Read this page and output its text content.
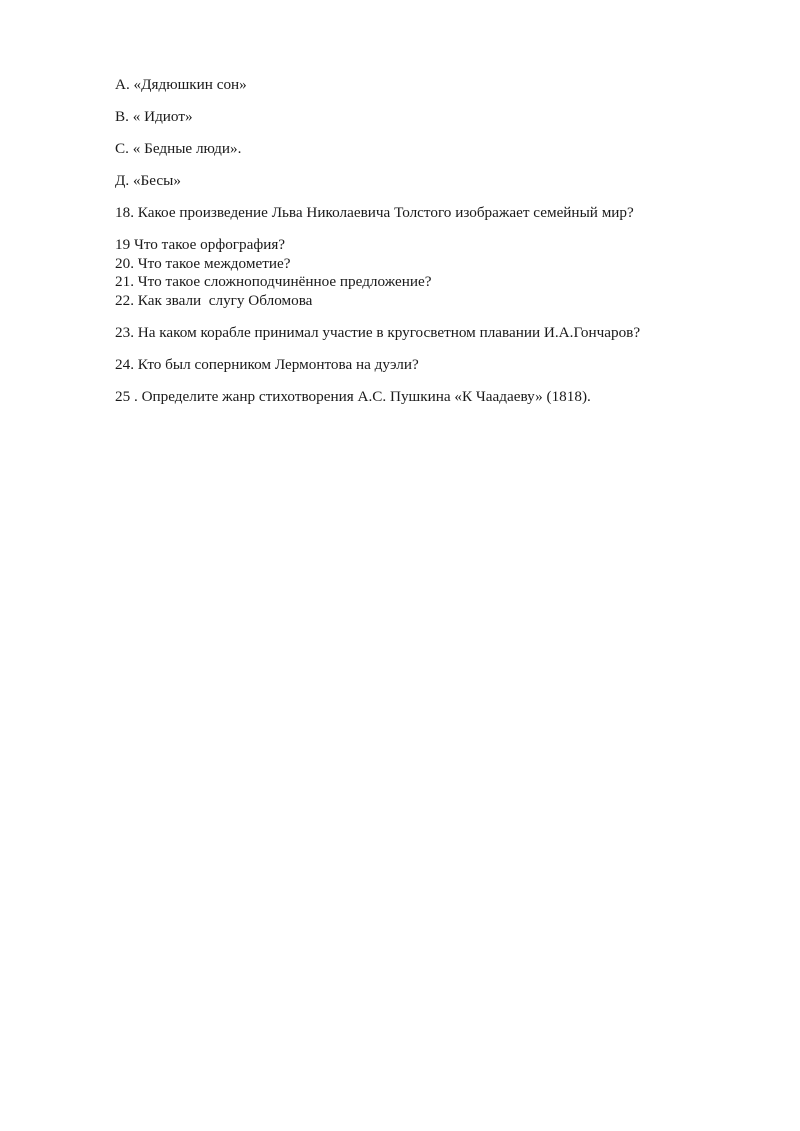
А. «Дядюшкин сон»

В. « Идиот»

С. « Бедные люди».

Д. «Бесы»

18. Какое произведение Льва Николаевича Толстого изображает семейный мир?

19 Что такое орфография?

20. Что такое междометие?

21. Что такое сложноподчинённое предложение?

22. Как звали  слугу Обломова

23. На каком корабле принимал участие в кругосветном плавании И.А.Гончаров?

24. Кто был соперником Лермонтова на дуэли?

25 . Определите жанр стихотворения А.С. Пушкина «К Чаадаеву» (1818).
